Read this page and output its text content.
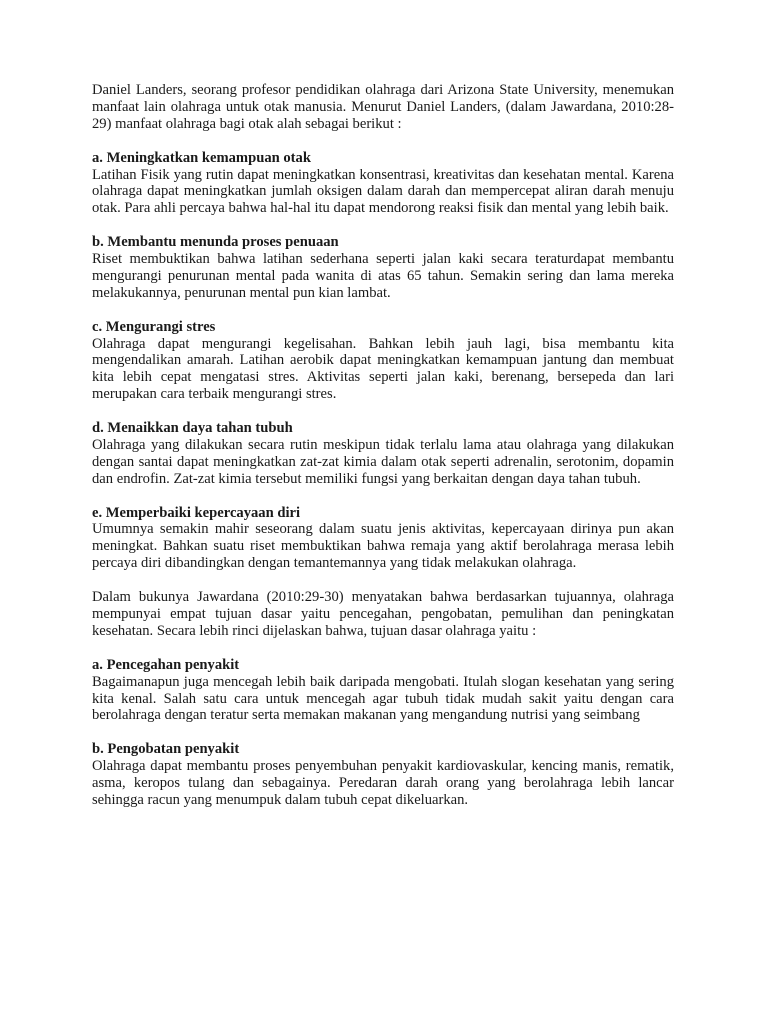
Daniel Landers, seorang profesor pendidikan olahraga dari Arizona State University, menemukan manfaat lain olahraga untuk otak manusia. Menurut Daniel Landers, (dalam Jawardana, 2010:28-29) manfaat olahraga bagi otak alah sebagai berikut :

a. Meningkatkan kemampuan otak

Latihan Fisik yang rutin dapat meningkatkan konsentrasi, kreativitas dan kesehatan mental. Karena olahraga dapat meningkatkan jumlah oksigen dalam darah dan mempercepat aliran darah menuju otak. Para ahli percaya bahwa hal-hal itu dapat mendorong reaksi fisik dan mental yang lebih baik.

b. Membantu menunda proses penuaan

Riset membuktikan bahwa latihan sederhana seperti jalan kaki secara teraturdapat membantu mengurangi penurunan mental pada wanita di atas 65 tahun. Semakin sering dan lama mereka melakukannya, penurunan mental pun kian lambat.

c. Mengurangi stres

Olahraga dapat mengurangi kegelisahan. Bahkan lebih jauh lagi, bisa membantu kita mengendalikan amarah. Latihan aerobik dapat meningkatkan kemampuan jantung dan membuat kita lebih cepat mengatasi stres. Aktivitas seperti jalan kaki, berenang, bersepeda dan lari merupakan cara terbaik mengurangi stres.

d. Menaikkan daya tahan tubuh

Olahraga yang dilakukan secara rutin meskipun tidak terlalu lama atau olahraga yang dilakukan dengan santai dapat meningkatkan zat-zat kimia dalam otak seperti adrenalin, serotonim, dopamin dan endrofin. Zat-zat kimia tersebut memiliki fungsi yang berkaitan dengan daya tahan tubuh.

e. Memperbaiki kepercayaan diri

Umumnya semakin mahir seseorang dalam suatu jenis aktivitas, kepercayaan dirinya pun akan meningkat. Bahkan suatu riset membuktikan bahwa remaja yang aktif berolahraga merasa lebih percaya diri dibandingkan dengan temantemannya yang tidak melakukan olahraga.

Dalam bukunya Jawardana (2010:29-30) menyatakan bahwa berdasarkan tujuannya, olahraga mempunyai empat tujuan dasar yaitu pencegahan, pengobatan, pemulihan dan peningkatan kesehatan. Secara lebih rinci dijelaskan bahwa, tujuan dasar olahraga yaitu :

a. Pencegahan penyakit

Bagaimanapun juga mencegah lebih baik daripada mengobati. Itulah slogan kesehatan yang sering kita kenal. Salah satu cara untuk mencegah agar tubuh tidak mudah sakit yaitu dengan cara berolahraga dengan teratur serta memakan makanan yang mengandung nutrisi yang seimbang

b. Pengobatan penyakit

Olahraga dapat membantu proses penyembuhan penyakit kardiovaskular, kencing manis, rematik, asma, keropos tulang dan sebagainya. Peredaran darah orang yang berolahraga lebih lancar sehingga racun yang menumpuk dalam tubuh cepat dikeluarkan.
